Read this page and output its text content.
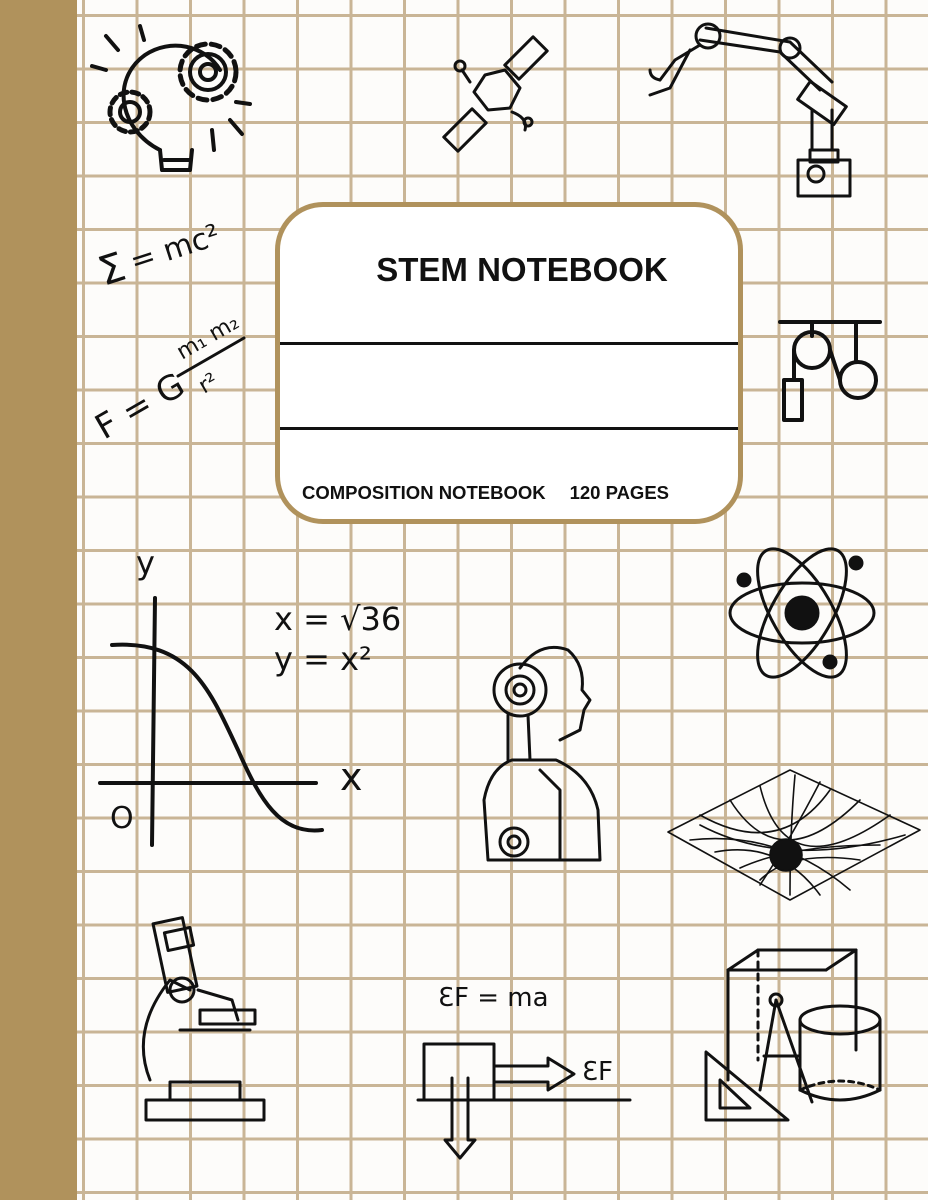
Σ
= mc²
F = G
m₁ m₂
r²
x = √36
y = x²
ƐF = ma
ƐF
y
x
O
STEM NOTEBOOK
COMPOSITION NOTEBOOK 120 PAGES
